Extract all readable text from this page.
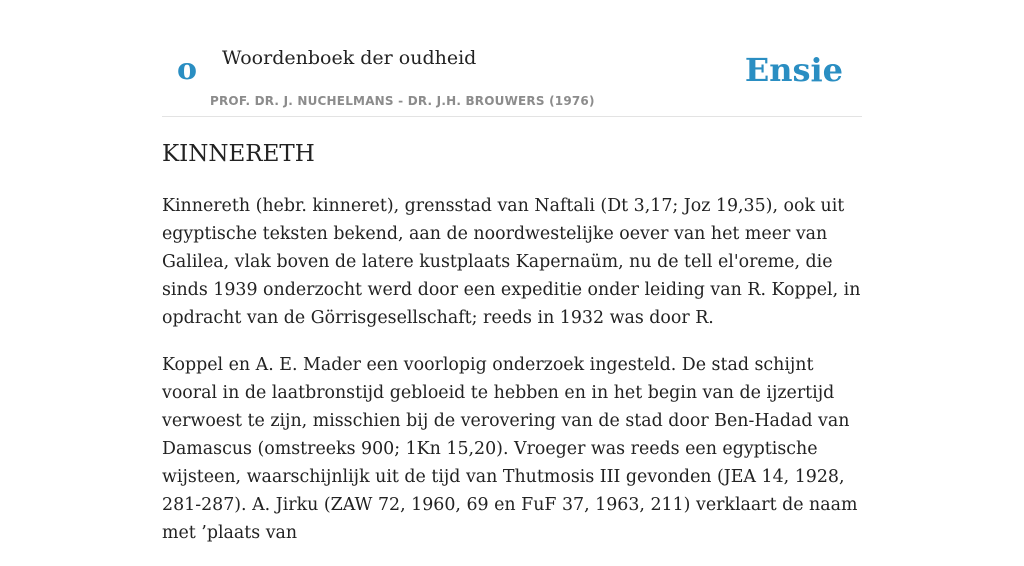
o Woordenboek der oudheid
PROF. DR. J. NUCHELMANS - DR. J.H. BROUWERS (1976)
Ensie
KINNERETH

Kinnereth (hebr. kinneret), grensstad van Naftali (Dt 3,17; Joz 19,35), ook uit egyptische teksten bekend, aan de noordwestelijke oever van het meer van Galilea, vlak boven de latere kustplaats Kapernaüm, nu de tell el'oreme, die sinds 1939 onderzocht werd door een expeditie onder leiding van R. Koppel, in opdracht van de Görrisgesellschaft; reeds in 1932 was door R.

Koppel en A. E. Mader een voorlopig onderzoek ingesteld. De stad schijnt vooral in de laatbronstijd gebloeid te hebben en in het begin van de ijzertijd verwoest te zijn, misschien bij de verovering van de stad door Ben-Hadad van Damascus (omstreeks 900; 1Kn 15,20). Vroeger was reeds een egyptische wijsteen, waarschijnlijk uit de tijd van Thutmosis III gevonden (JEA 14, 1928, 281-287). A. Jirku (ZAW 72, 1960, 69 en FuF 37, 1963, 211) verklaart de naam met ’plaats van
